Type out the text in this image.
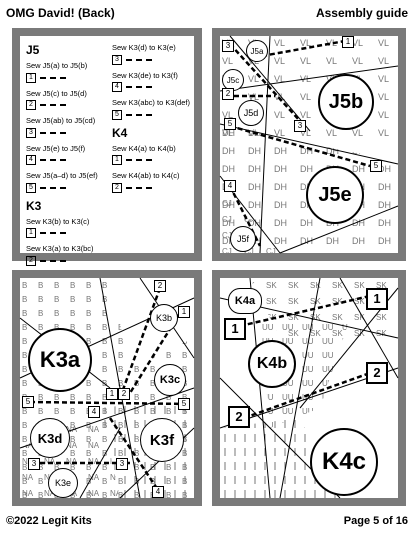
OMG David! (Back)	Assembly guide
J5
Sew J5(a) to J5(b)
1
Sew J5(c) to J5(d)
2
Sew J5(ab) to J5(cd)
3
Sew J5(e) to J5(f)
4
Sew J5(a–d) to J5(ef)
5
K3
Sew K3(b) to K3(c)
1
Sew K3(a) to K3(bc)
2
Sew K3(d) to K3(e)
3
Sew K3(de) to K3(f)
4
Sew K3(abc) to K3(def)
5
K4
Sew K4(a) to K4(b)
1
Sew K4(ab) to K4(c)
2
J5b
J5e
J5a
J5c
J5d
J5f
1
2
3
3
4
5
5
K3a
K3b
K3c
K3d	K3f
K3e
1
1
2
2
3	3
4
4
5	5
K4a
K4b
K4c
1
1
2
2
©2022 Legit Kits	Page 5 of 16
